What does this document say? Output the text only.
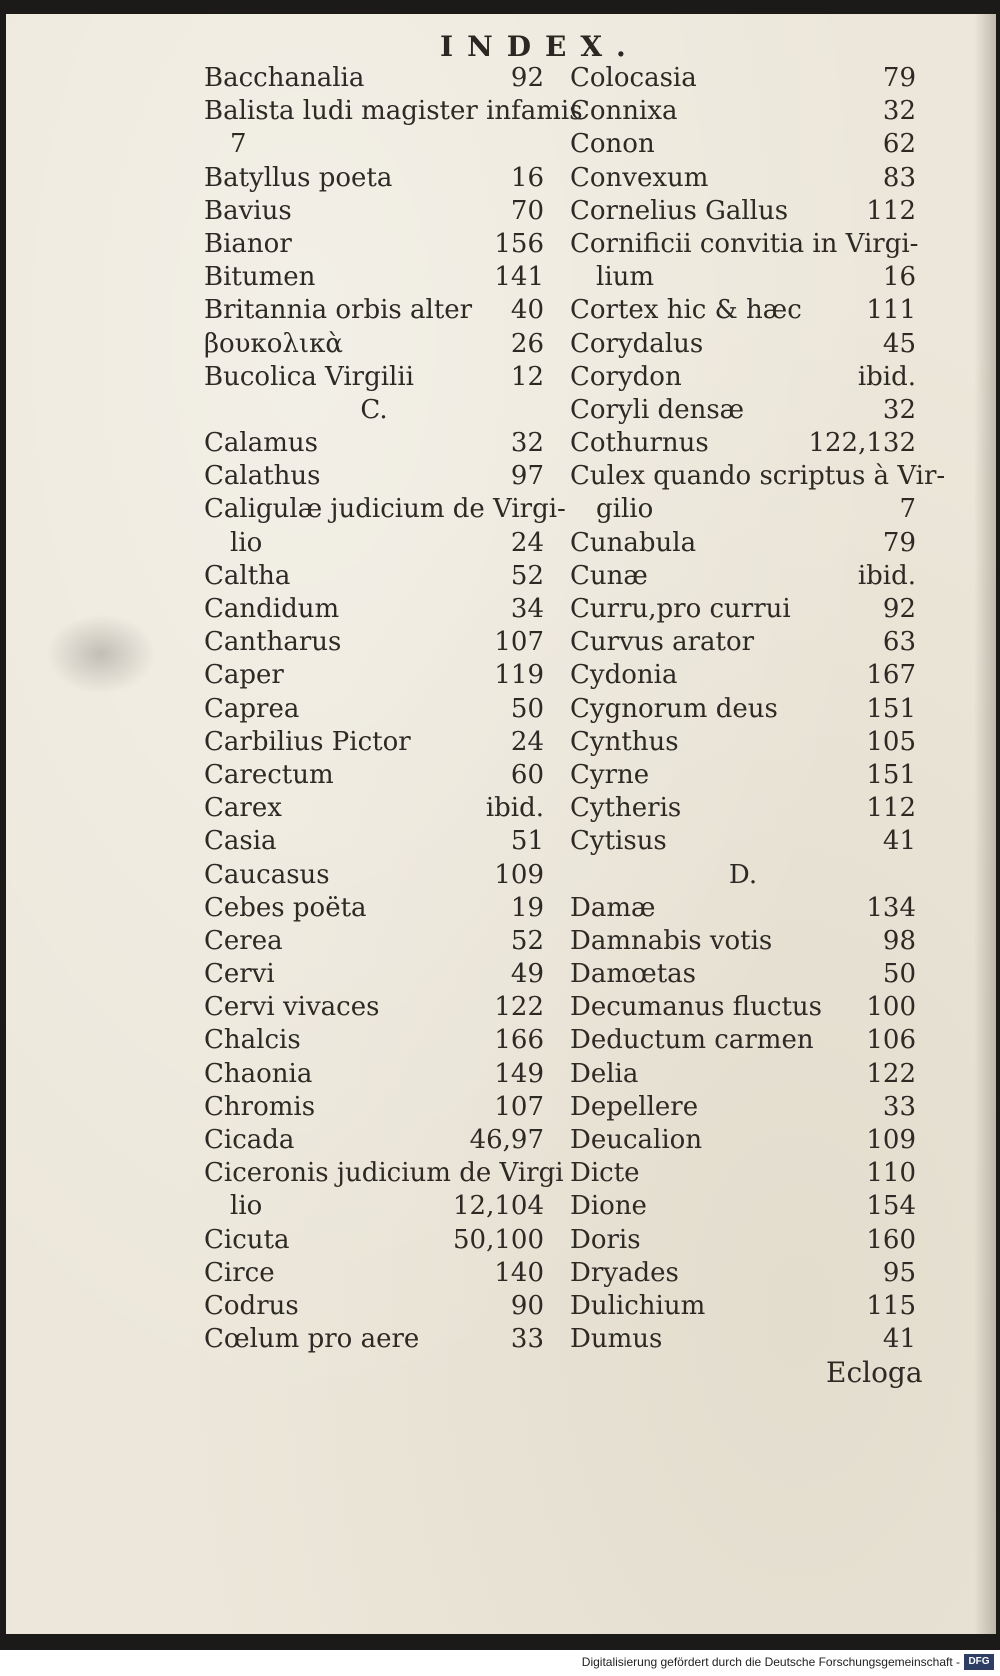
INDEX.
Bacchanalia	92
Balista ludi magister infamis
7
Batyllus poeta	16
Bavius	70
Bianor	156
Bitumen	141
Britannia orbis alter 40
βουκολικὰ	26
Bucolica Virgilii	12
C.
Calamus	32
Calathus	97
Caligulæ judicium de Virgi-
lio	24
Caltha	52
Candidum	34
Cantharus	107
Caper	119
Caprea	50
Carbilius Pictor	24
Carectum	60
Carex	ibid.
Casia	51
Caucasus	109
Cebes poëta	19
Cerea	52
Cervi	49
Cervi vivaces	122
Chalcis	166
Chaonia	149
Chromis	107
Cicada	46,97
Ciceronis judicium de Virgi
lio	12,104
Cicuta	50,100
Circe	140
Codrus	90
Cœlum pro aere	33
Colocasia	79
Connixa	32
Conon	62
Convexum	83
Cornelius Gallus	112
Cornificii convitia in Virgi-
lium	16
Cortex hic & hæc 111
Corydalus	45
Corydon	ibid.
Coryli densæ	32
Cothurnus	122,132
Culex quando scriptus à Vir-
gilio	7
Cunabula	79
Cunæ	ibid.
Curru,pro currui	92
Curvus arator	63
Cydonia	167
Cygnorum deus	151
Cynthus	105
Cyrne	151
Cytheris	112
Cytisus	41
D.
Damæ	134
Damnabis votis	98
Damœtas	50
Decumanus fluctus 100
Deductum carmen 106
Delia	122
Depellere	33
Deucalion	109
Dicte	110
Dione	154
Doris	160
Dryades	95
Dulichium	115
Dumus	41
Ecloga
Digitalisierung gefördert durch die Deutsche Forschungsgemeinschaft - DFG
